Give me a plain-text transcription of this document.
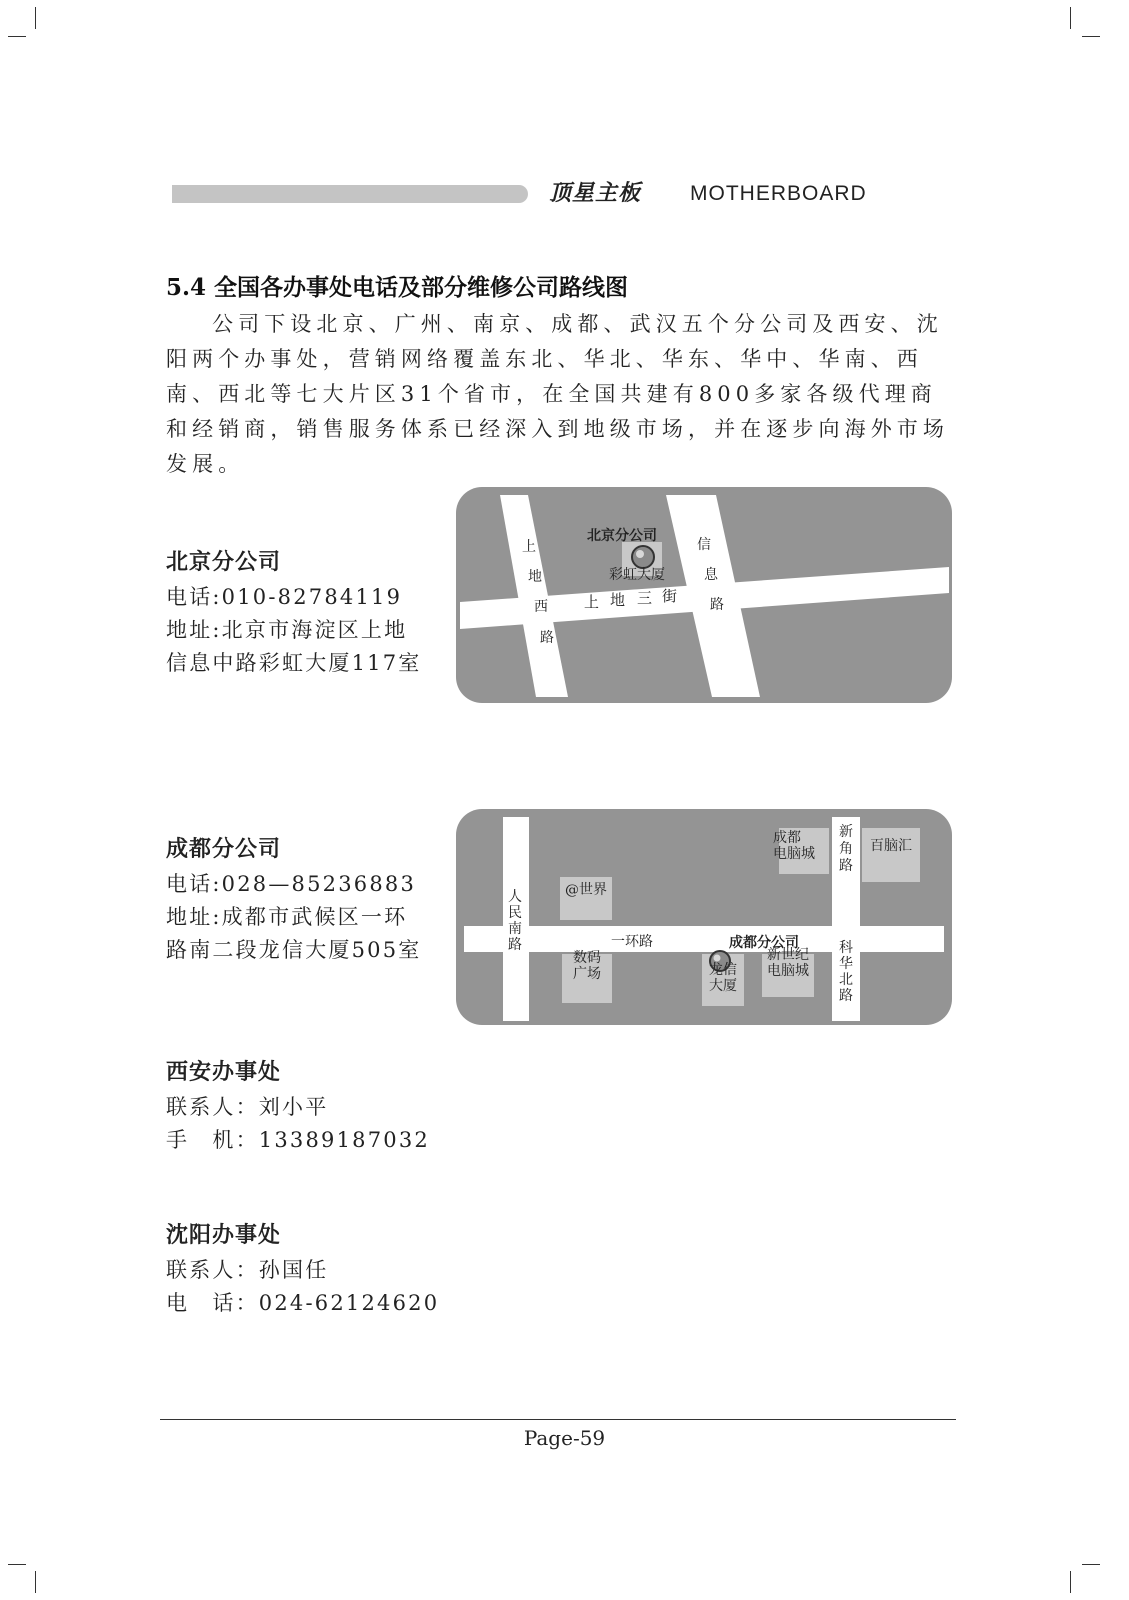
顶星主板 MOTHERBOARD
5.4 全国各办事处电话及部分维修公司路线图
公司下设北京、广州、南京、成都、武汉五个分公司及西安、沈阳两个办事处，营销网络覆盖东北、华北、华东、华中、华南、西南、西北等七大片区31个省市，在全国共建有800多家各级代理商和经销商，销售服务体系已经深入到地级市场，并在逐步向海外市场发展。
北京分公司
电话:010-82784119
地址:北京市海淀区上地
信息中路彩虹大厦117室
北京分公司
彩虹大厦
上
地
西
路
上 地 三 街
信
息
路
成都分公司
电话:028—85236883
地址:成都市武候区一环
路南二段龙信大厦505室	成都分公司
一环路
人
民
南
路
新
角
路
科
华
北
路
@世界
数码
广场	龙信
大厦
新世纪
电脑城
成都
电脑城	百脑汇
西安办事处
联系人：刘小平
手　机：13389187032
沈阳办事处
联系人：孙国任
电　话：024-62124620
Page-59
